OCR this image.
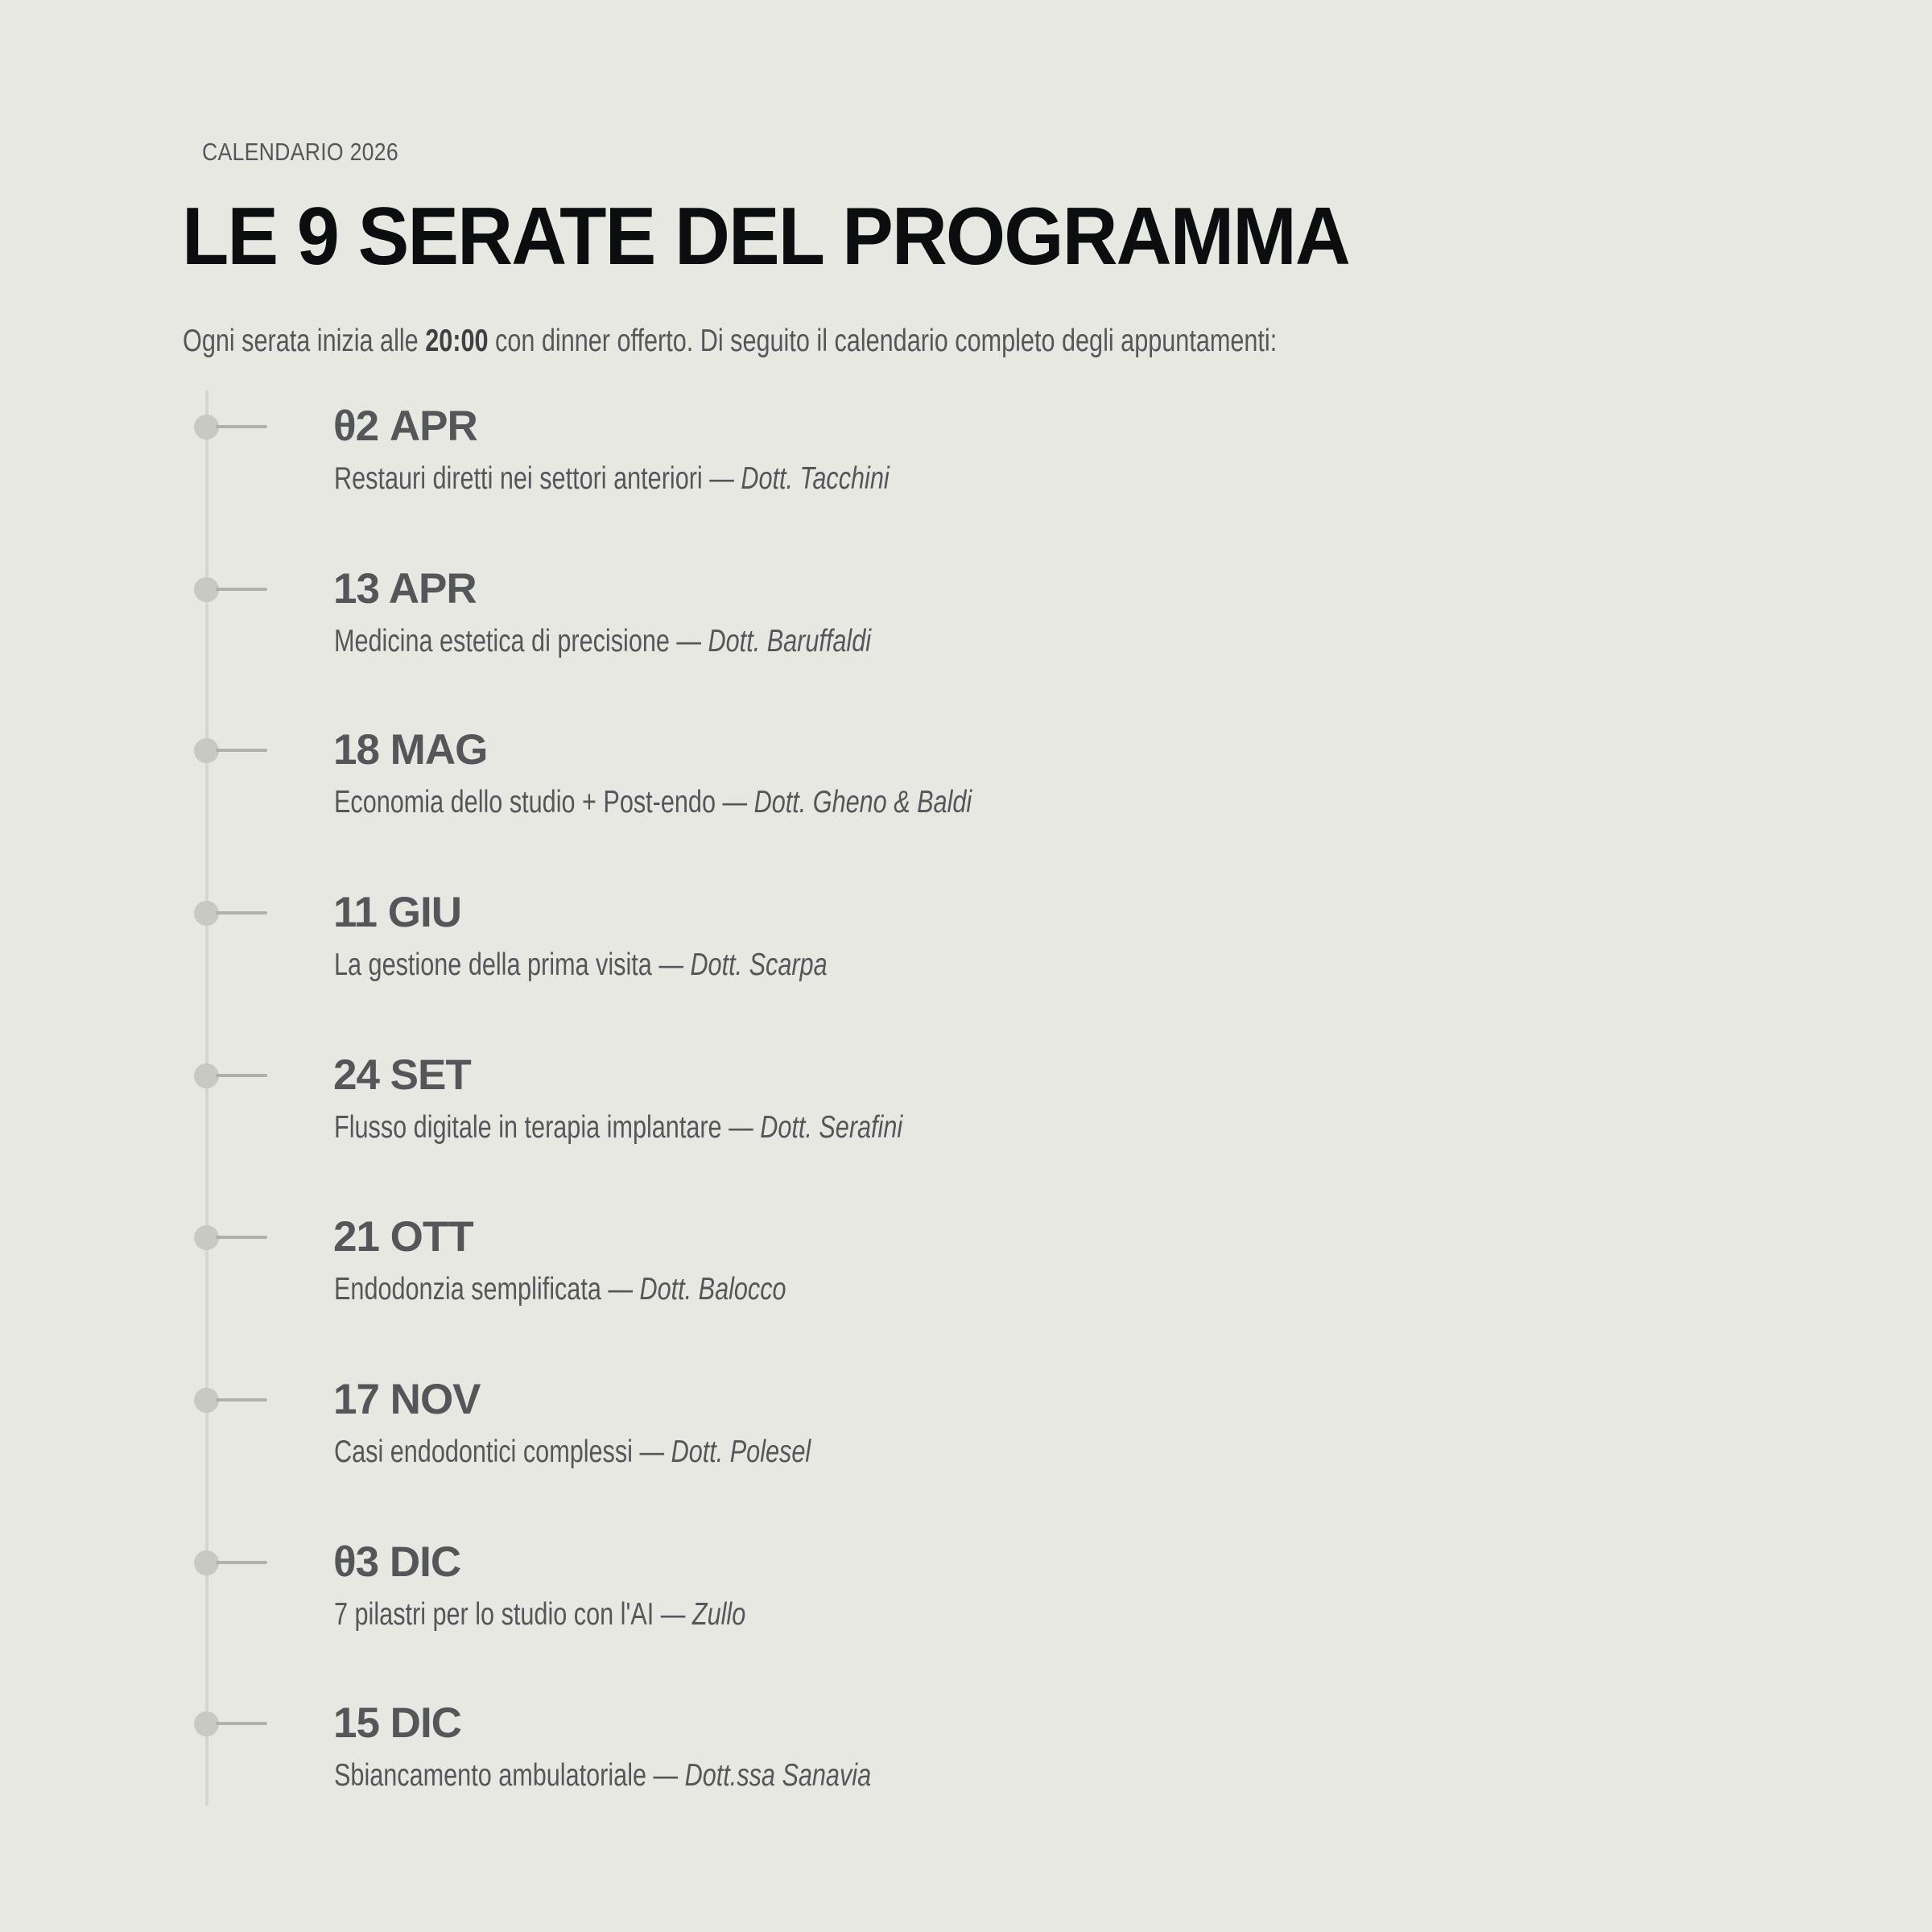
CALENDARIO 2026
LE 9 SERATE DEL PROGRAMMA

Ogni serata inizia alle 20:00 con dinner offerto. Di seguito il calendario completo degli appuntamenti:

θ2 APR
Restauri diretti nei settori anteriori — Dott. Tacchini
13 APR
Medicina estetica di precisione — Dott. Baruffaldi
18 MAG
Economia dello studio + Post-endo — Dott. Gheno & Baldi
11 GIU
La gestione della prima visita — Dott. Scarpa
24 SET
Flusso digitale in terapia implantare — Dott. Serafini
21 OTT
Endodonzia semplificata — Dott. Balocco
17 NOV
Casi endodontici complessi — Dott. Polesel
θ3 DIC
7 pilastri per lo studio con l'AI — Zullo
15 DIC
Sbiancamento ambulatoriale — Dott.ssa Sanavia
